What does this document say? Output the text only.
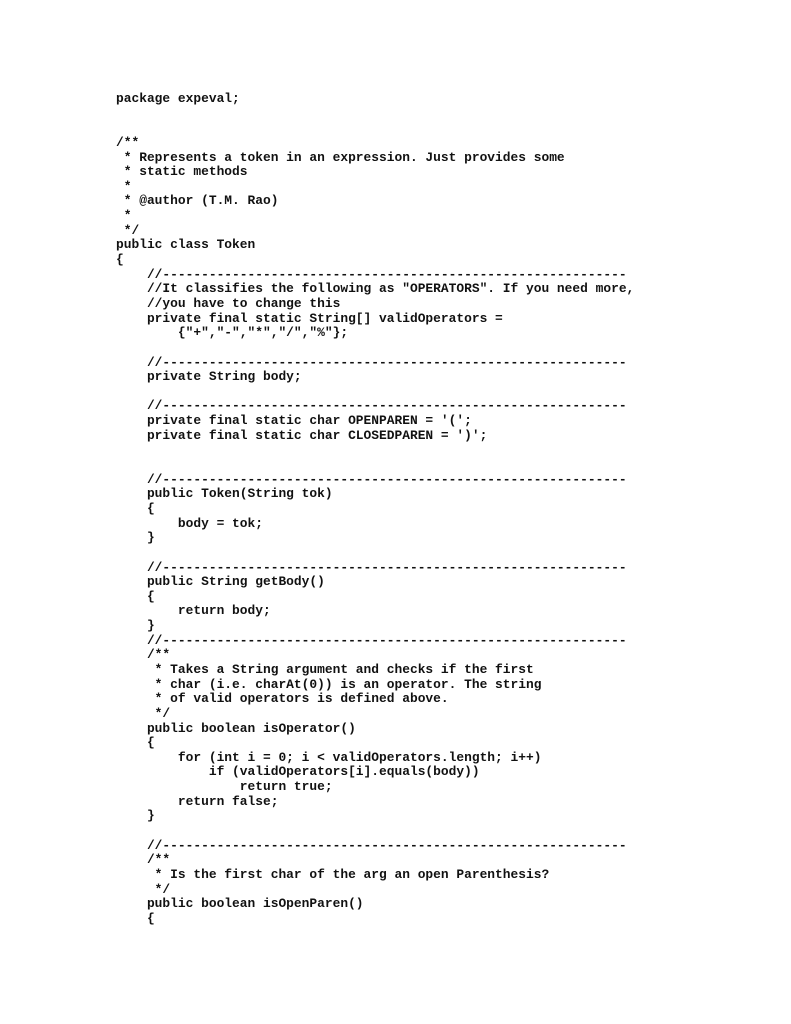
package expeval;
/**
* Represents a token in an expression. Just provides some
* static methods
*
* @author (T.M. Rao)
*
*/
public class Token
{
//------------------------------------------------------------
//It classifies the following as "OPERATORS". If you need more,
//you have to change this
private final static String[] validOperators =
{"+","-","*","/","%"};
//------------------------------------------------------------
private String body;
//------------------------------------------------------------
private final static char OPENPAREN = '(';
private final static char CLOSEDPAREN = ')';
//------------------------------------------------------------
public Token(String tok)
{
body = tok;
}
//------------------------------------------------------------
public String getBody()
{
return body;
}
//------------------------------------------------------------
/**
* Takes a String argument and checks if the first
* char (i.e. charAt(0)) is an operator. The string
* of valid operators is defined above.
*/
public boolean isOperator()
{
for (int i = 0; i < validOperators.length; i++)
if (validOperators[i].equals(body))
return true;
return false;
}
//------------------------------------------------------------
/**
* Is the first char of the arg an open Parenthesis?
*/
public boolean isOpenParen()
{
